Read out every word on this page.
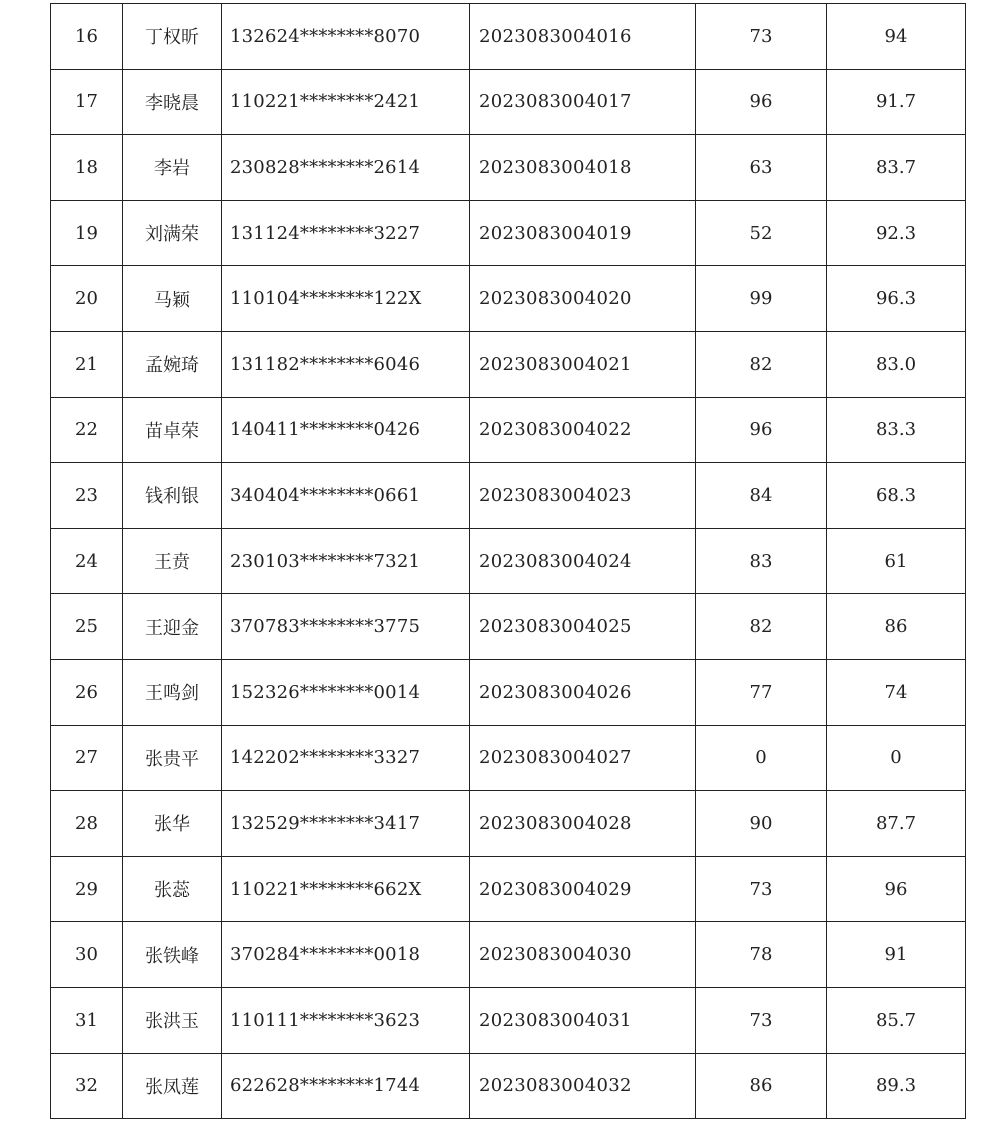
16	丁权昕	132624********8070	2023083004016	73	94
17	李晓晨	110221********2421	2023083004017	96	91.7
18	李岩	230828********2614	2023083004018	63	83.7
19	刘满荣	131124********3227	2023083004019	52	92.3
20	马颖	110104********122X	2023083004020	99	96.3
21	孟婉琦	131182********6046	2023083004021	82	83.0
22	苗卓荣	140411********0426	2023083004022	96	83.3
23	钱利银	340404********0661	2023083004023	84	68.3
24	王贲	230103********7321	2023083004024	83	61
25	王迎金	370783********3775	2023083004025	82	86
26	王鸣剑	152326********0014	2023083004026	77	74
27	张贵平	142202********3327	2023083004027	0	0
28	张华	132529********3417	2023083004028	90	87.7
29	张蕊	110221********662X	2023083004029	73	96
30	张铁峰	370284********0018	2023083004030	78	91
31	张洪玉	110111********3623	2023083004031	73	85.7
32	张凤莲	622628********1744	2023083004032	86	89.3
